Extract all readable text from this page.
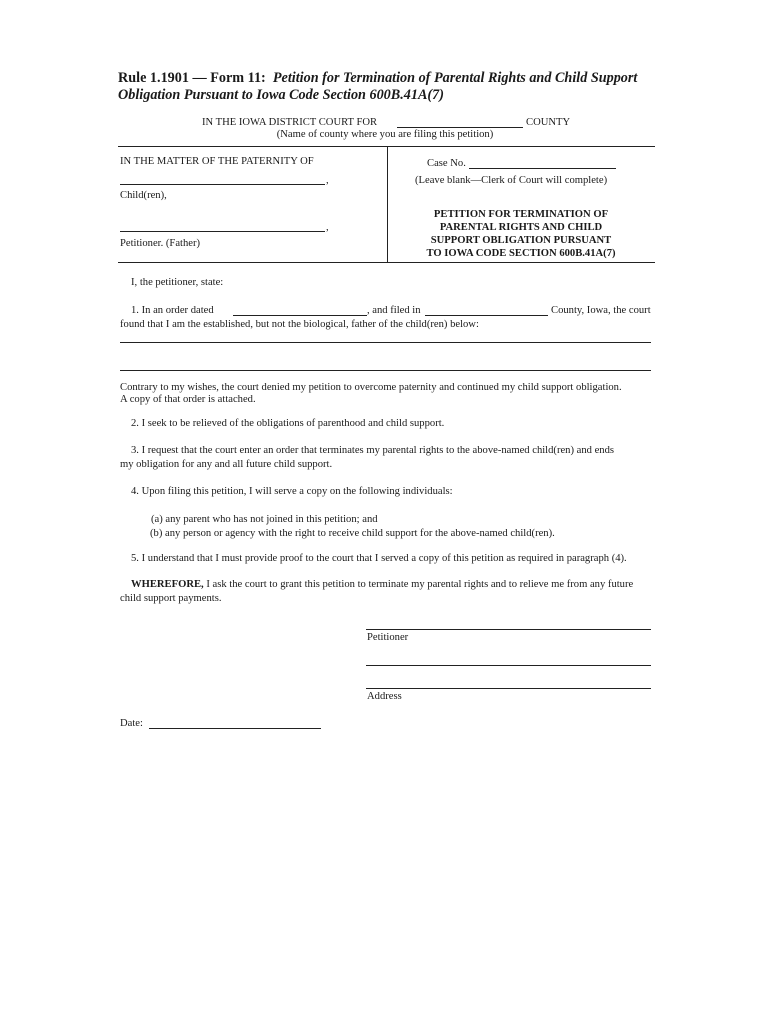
Rule 1.1901 — Form 11: Petition for Termination of Parental Rights and Child Support
Obligation Pursuant to Iowa Code Section 600B.41A(7)
IN THE IOWA DISTRICT COURT FOR	COUNTY
(Name of county where you are filing this petition)
IN THE MATTER OF THE PATERNITY OF
,
Child(ren),
,
Petitioner. (Father)
Case No.
(Leave blank—Clerk of Court will complete)
PETITION FOR TERMINATION OF
PARENTAL RIGHTS AND CHILD
SUPPORT OBLIGATION PURSUANT
TO IOWA CODE SECTION 600B.41A(7)
I, the petitioner, state:
1. In an order dated	, and filed in	County, Iowa, the court
found that I am the established, but not the biological, father of the child(ren) below:
Contrary to my wishes, the court denied my petition to overcome paternity and continued my child support obligation.
A copy of that order is attached.
2. I seek to be relieved of the obligations of parenthood and child support.
3. I request that the court enter an order that terminates my parental rights to the above-named child(ren) and ends
my obligation for any and all future child support.
4. Upon filing this petition, I will serve a copy on the following individuals:
(a) any parent who has not joined in this petition; and
(b) any person or agency with the right to receive child support for the above-named child(ren).
5. I understand that I must provide proof to the court that I served a copy of this petition as required in paragraph (4).
WHEREFORE, I ask the court to grant this petition to terminate my parental rights and to relieve me from any future
child support payments.
Petitioner
Address
Date:
